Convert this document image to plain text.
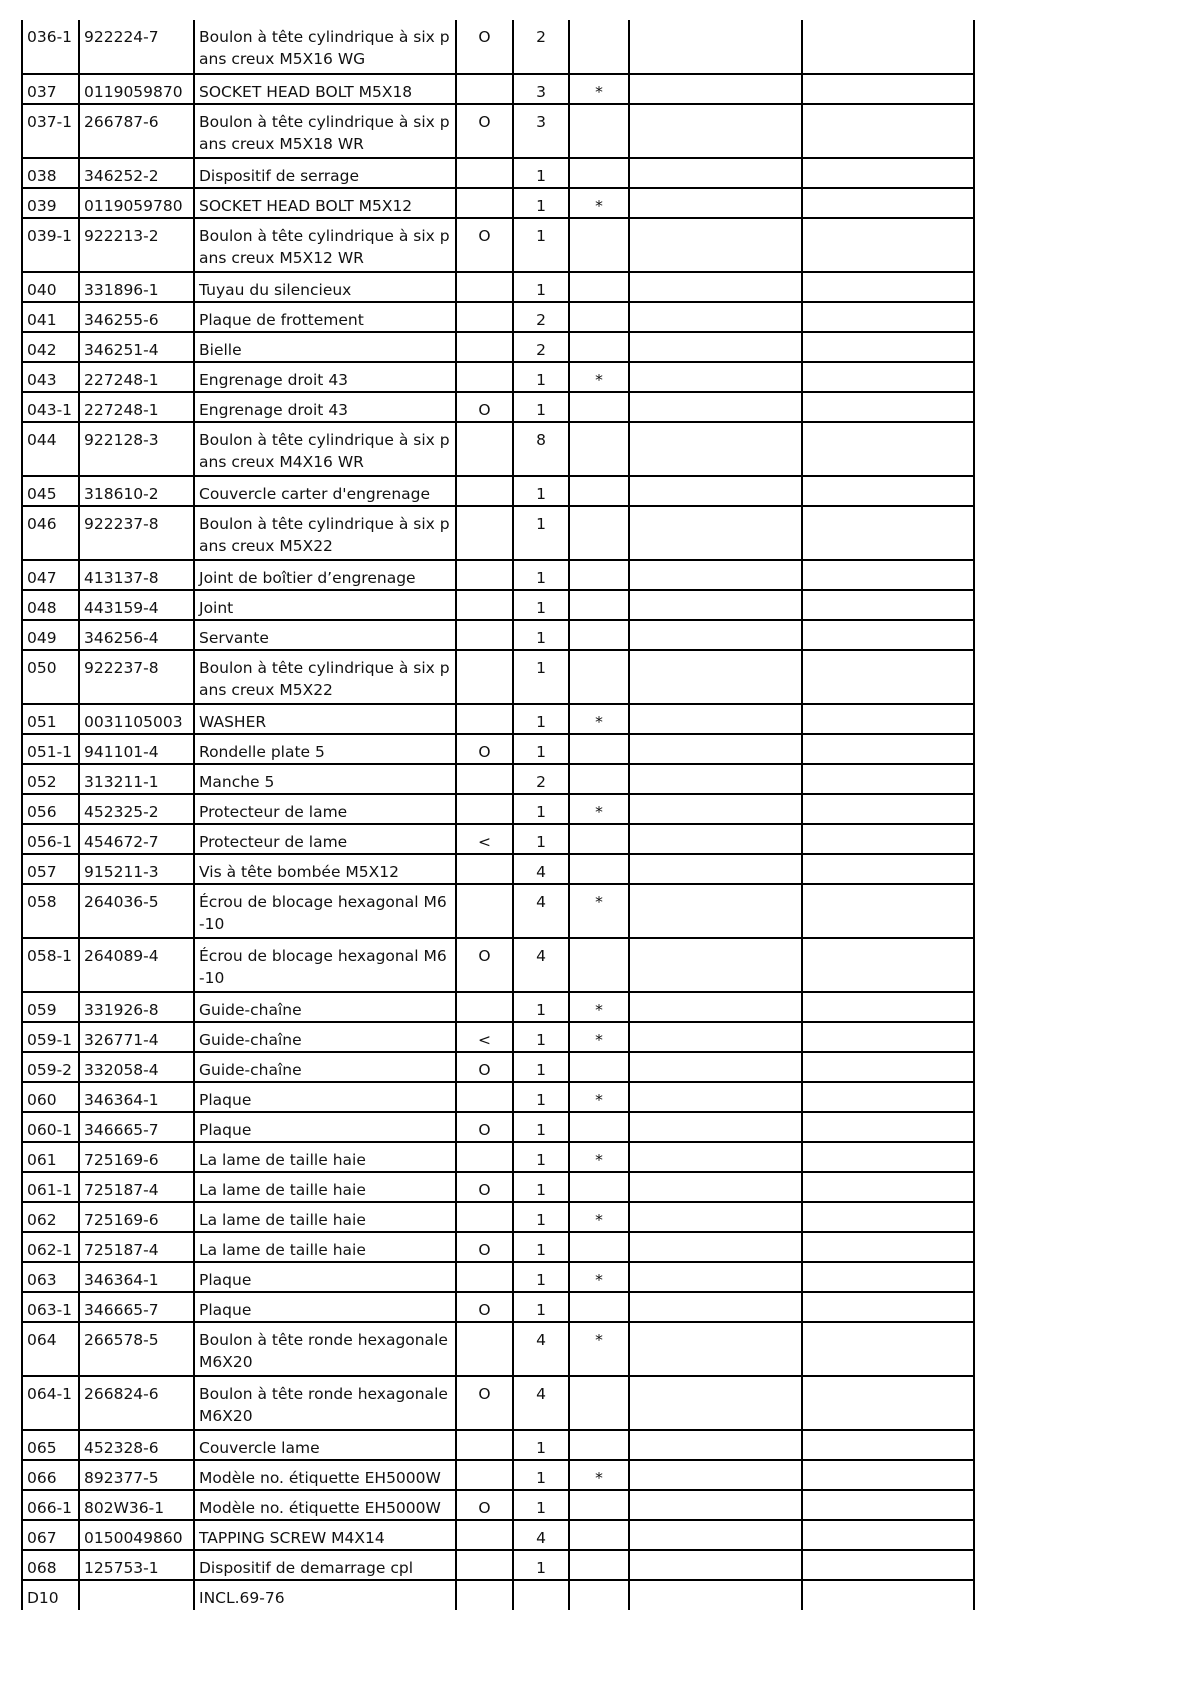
036-1	922224-7	Boulon à tête cylindrique à six pans creux M5X16 WG	O	2			
037	0119059870	SOCKET HEAD BOLT M5X18		3	*		
037-1	266787-6	Boulon à tête cylindrique à six pans creux M5X18 WR	O	3			
038	346252-2	Dispositif de serrage		1			
039	0119059780	SOCKET HEAD BOLT M5X12		1	*		
039-1	922213-2	Boulon à tête cylindrique à six pans creux M5X12 WR	O	1			
040	331896-1	Tuyau du silencieux		1			
041	346255-6	Plaque de frottement		2			
042	346251-4	Bielle		2			
043	227248-1	Engrenage droit 43		1	*		
043-1	227248-1	Engrenage droit 43	O	1			
044	922128-3	Boulon à tête cylindrique à six pans creux M4X16 WR		8			
045	318610-2	Couvercle carter d'engrenage		1			
046	922237-8	Boulon à tête cylindrique à six pans creux M5X22		1			
047	413137-8	Joint de boîtier d’engrenage		1			
048	443159-4	Joint		1			
049	346256-4	Servante		1			
050	922237-8	Boulon à tête cylindrique à six pans creux M5X22		1			
051	0031105003	WASHER		1	*		
051-1	941101-4	Rondelle plate 5	O	1			
052	313211-1	Manche 5		2			
056	452325-2	Protecteur de lame		1	*		
056-1	454672-7	Protecteur de lame	<	1			
057	915211-3	Vis à tête bombée M5X12		4			
058	264036-5	Écrou de blocage hexagonal M6-10		4	*		
058-1	264089-4	Écrou de blocage hexagonal M6-10	O	4			
059	331926-8	Guide-chaîne		1	*		
059-1	326771-4	Guide-chaîne	<	1	*		
059-2	332058-4	Guide-chaîne	O	1			
060	346364-1	Plaque		1	*		
060-1	346665-7	Plaque	O	1			
061	725169-6	La lame de taille haie		1	*		
061-1	725187-4	La lame de taille haie	O	1			
062	725169-6	La lame de taille haie		1	*		
062-1	725187-4	La lame de taille haie	O	1			
063	346364-1	Plaque		1	*		
063-1	346665-7	Plaque	O	1			
064	266578-5	Boulon à tête ronde hexagonale M6X20		4	*		
064-1	266824-6	Boulon à tête ronde hexagonale M6X20	O	4			
065	452328-6	Couvercle lame		1			
066	892377-5	Modèle no. étiquette EH5000W		1	*		
066-1	802W36-1	Modèle no. étiquette EH5000W	O	1			
067	0150049860	TAPPING SCREW M4X14		4			
068	125753-1	Dispositif de demarrage cpl		1			
D10		INCL.69-76					
